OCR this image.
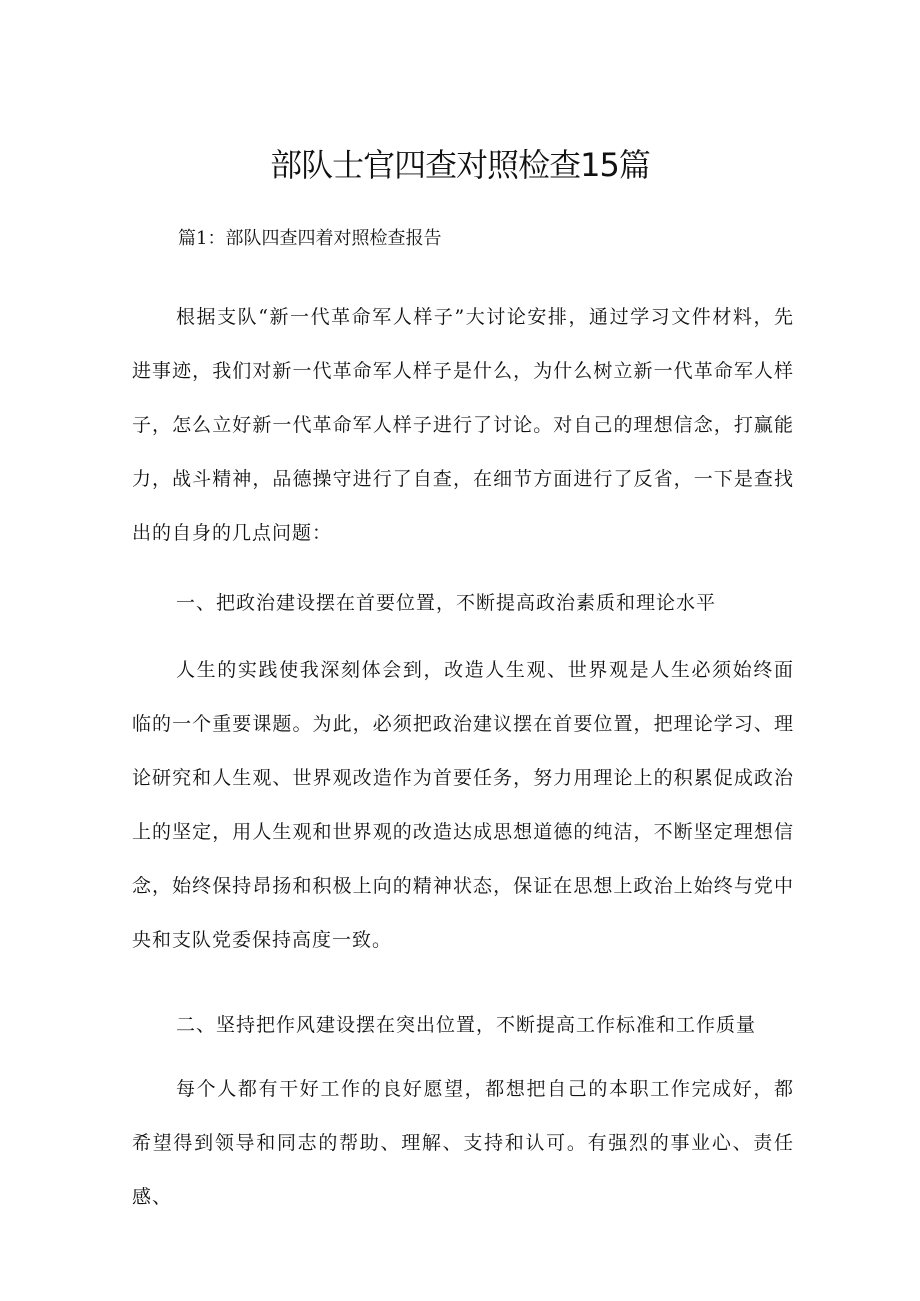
部队士官四查对照检查15篇

篇1：部队四查四着对照检查报告

根据支队“新一代革命军人样子”大讨论安排，通过学习文件材料，先进事迹，我们对新一代革命军人样子是什么，为什么树立新一代革命军人样子，怎么立好新一代革命军人样子进行了讨论。对自己的理想信念，打赢能力，战斗精神，品德操守进行了自查，在细节方面进行了反省，一下是查找出的自身的几点问题：

一、把政治建设摆在首要位置，不断提高政治素质和理论水平

人生的实践使我深刻体会到，改造人生观、世界观是人生必须始终面临的一个重要课题。为此，必须把政治建议摆在首要位置，把理论学习、理论研究和人生观、世界观改造作为首要任务，努力用理论上的积累促成政治上的坚定，用人生观和世界观的改造达成思想道德的纯洁，不断坚定理想信念，始终保持昂扬和积极上向的精神状态，保证在思想上政治上始终与党中央和支队党委保持高度一致。

二、坚持把作风建设摆在突出位置，不断提高工作标准和工作质量

每个人都有干好工作的良好愿望，都想把自己的本职工作完成好，都希望得到领导和同志的帮助、理解、支持和认可。有强烈的事业心、责任感、
